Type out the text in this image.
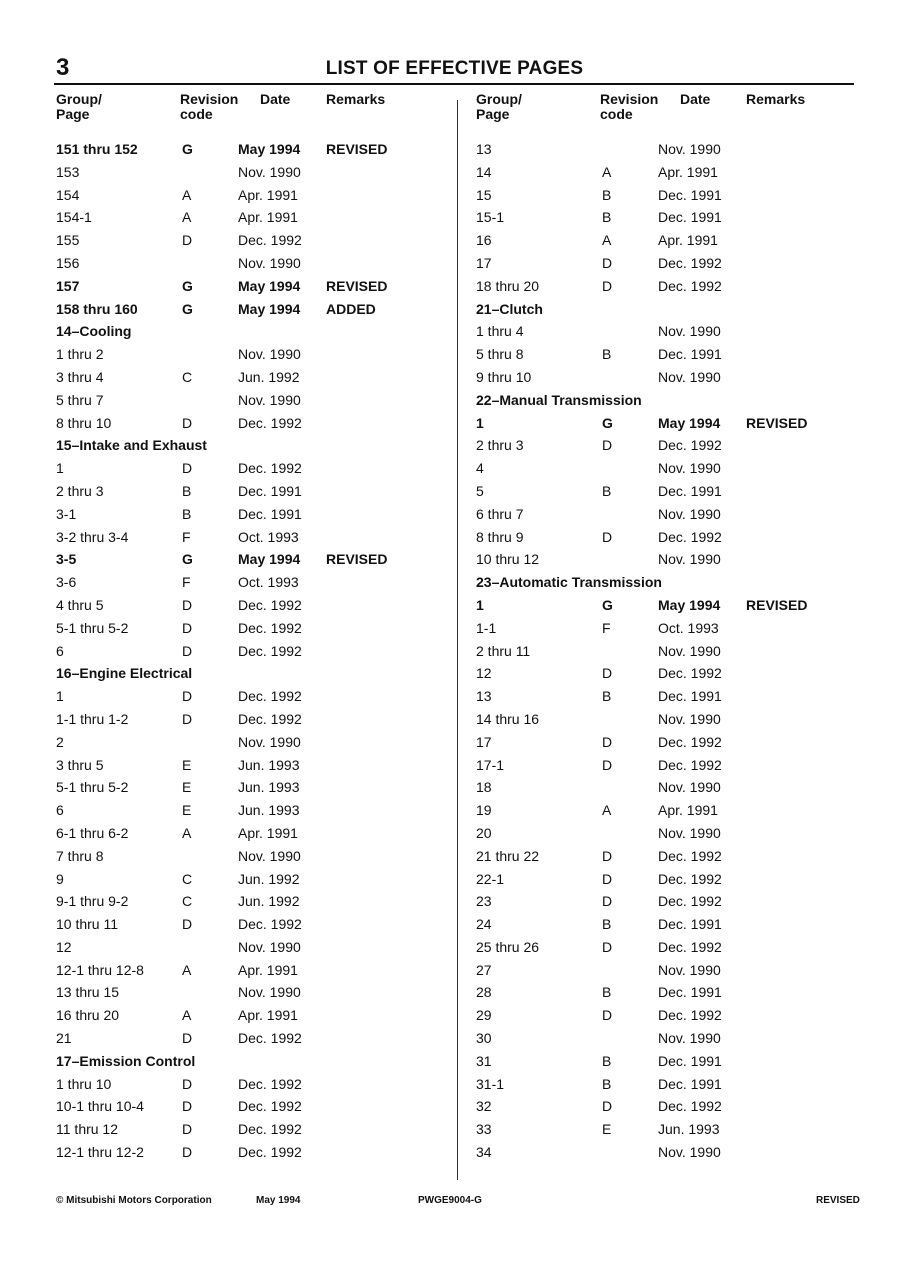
3	LIST OF EFFECTIVE PAGES
Group/
Page
Revision
code
Date	Remarks
151 thru 152	G	May 1994 REVISED
153	Nov. 1990
154	A	Apr. 1991
154-1	A	Apr. 1991
155	D	Dec. 1992
156	Nov. 1990
157	G	May 1994 REVISED
158 thru 160	G	May 1994 ADDED
14–Cooling
1 thru 2	Nov. 1990
3 thru 4	C	Jun. 1992
5 thru 7	Nov. 1990
8 thru 10	D	Dec. 1992
15–Intake and Exhaust
1	D	Dec. 1992
2 thru 3	B	Dec. 1991
3-1	B	Dec. 1991
3-2 thru 3-4	F	Oct. 1993
3-5	G	May 1994 REVISED
3-6	F	Oct. 1993
4 thru 5	D	Dec. 1992
5-1 thru 5-2	D	Dec. 1992
6	D	Dec. 1992
16–Engine Electrical
1	D	Dec. 1992
1-1 thru 1-2	D	Dec. 1992
2	Nov. 1990
3 thru 5	E	Jun. 1993
5-1 thru 5-2	E	Jun. 1993
6	E	Jun. 1993
6-1 thru 6-2	A	Apr. 1991
7 thru 8	Nov. 1990
9	C	Jun. 1992
9-1 thru 9-2	C	Jun. 1992
10 thru 11	D	Dec. 1992
12	Nov. 1990
12-1 thru 12-8	A	Apr. 1991
13 thru 15	Nov. 1990
16 thru 20	A	Apr. 1991
21	D	Dec. 1992
17–Emission Control
1 thru 10	D	Dec. 1992
10-1 thru 10-4	D	Dec. 1992
11 thru 12	D	Dec. 1992
12-1 thru 12-2	D	Dec. 1992
Group/
Page
Revision
code
Date	Remarks
13	Nov. 1990
14	A	Apr. 1991
15	B	Dec. 1991
15-1	B	Dec. 1991
16	A	Apr. 1991
17	D	Dec. 1992
18 thru 20	D	Dec. 1992
21–Clutch
1 thru 4	Nov. 1990
5 thru 8	B	Dec. 1991
9 thru 10	Nov. 1990
22–Manual Transmission
1	G	May 1994 REVISED
2 thru 3	D	Dec. 1992
4	Nov. 1990
5	B	Dec. 1991
6 thru 7	Nov. 1990
8 thru 9	D	Dec. 1992
10 thru 12	Nov. 1990
23–Automatic Transmission
1	G	May 1994 REVISED
1-1	F	Oct. 1993
2 thru 11	Nov. 1990
12	D	Dec. 1992
13	B	Dec. 1991
14 thru 16	Nov. 1990
17	D	Dec. 1992
17-1	D	Dec. 1992
18	Nov. 1990
19	A	Apr. 1991
20	Nov. 1990
21 thru 22	D	Dec. 1992
22-1	D	Dec. 1992
23	D	Dec. 1992
24	B	Dec. 1991
25 thru 26	D	Dec. 1992
27	Nov. 1990
28	B	Dec. 1991
29	D	Dec. 1992
30	Nov. 1990
31	B	Dec. 1991
31-1	B	Dec. 1991
32	D	Dec. 1992
33	E	Jun. 1993
34	Nov. 1990
© Mitsubishi Motors Corporation	May 1994	PWGE9004-G	REVISED
